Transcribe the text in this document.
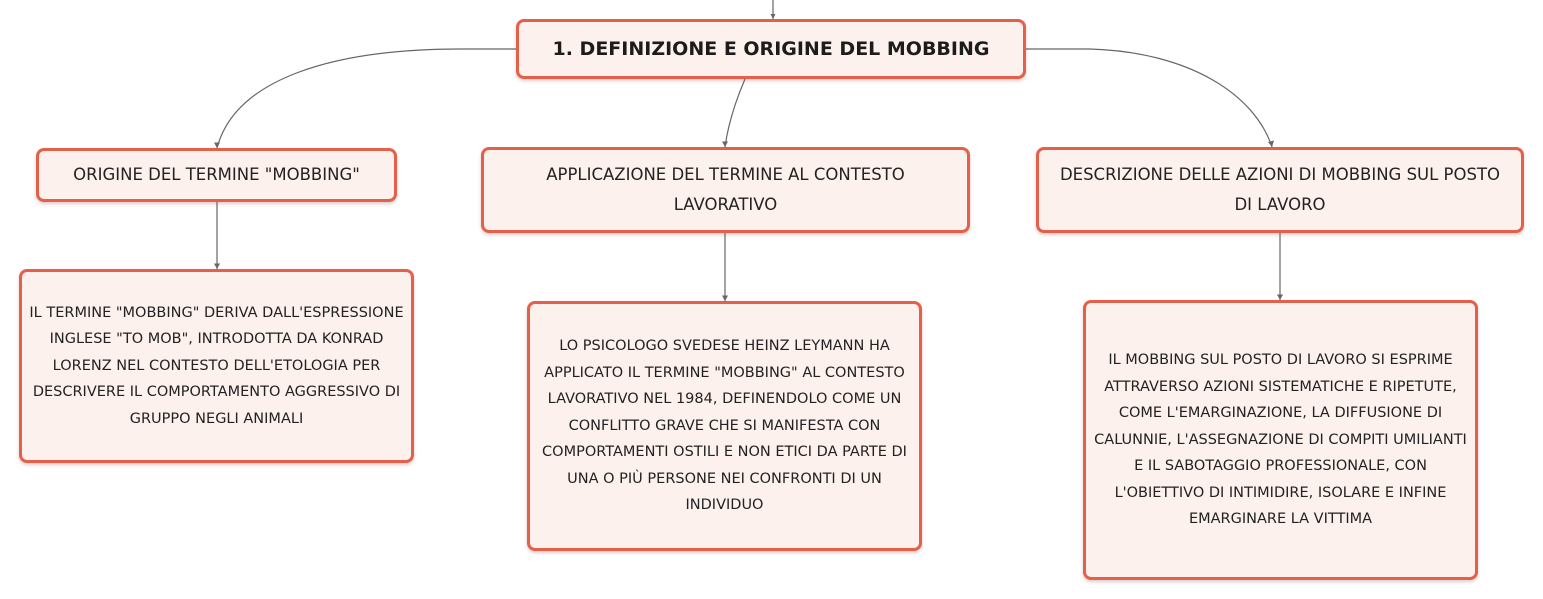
1. DEFINIZIONE E ORIGINE DEL MOBBING
ORIGINE DEL TERMINE "MOBBING"	APPLICAZIONE DEL TERMINE AL CONTESTO LAVORATIVO
DESCRIZIONE DELLE AZIONI DI MOBBING SUL POSTO DI LAVORO
IL TERMINE "MOBBING" DERIVA DALL'ESPRESSIONE INGLESE "TO MOB", INTRODOTTA DA KONRAD LORENZ NEL CONTESTO DELL'ETOLOGIA PER DESCRIVERE IL COMPORTAMENTO AGGRESSIVO DI GRUPPO NEGLI ANIMALI
LO PSICOLOGO SVEDESE HEINZ LEYMANN HA APPLICATO IL TERMINE "MOBBING" AL CONTESTO LAVORATIVO NEL 1984, DEFINENDOLO COME UN CONFLITTO GRAVE CHE SI MANIFESTA CON COMPORTAMENTI OSTILI E NON ETICI DA PARTE DI UNA O PIÙ PERSONE NEI CONFRONTI DI UN INDIVIDUO
IL MOBBING SUL POSTO DI LAVORO SI ESPRIME ATTRAVERSO AZIONI SISTEMATICHE E RIPETUTE, COME L'EMARGINAZIONE, LA DIFFUSIONE DI CALUNNIE, L'ASSEGNAZIONE DI COMPITI UMILIANTI E IL SABOTAGGIO PROFESSIONALE, CON L'OBIETTIVO DI INTIMIDIRE, ISOLARE E INFINE EMARGINARE LA VITTIMA
